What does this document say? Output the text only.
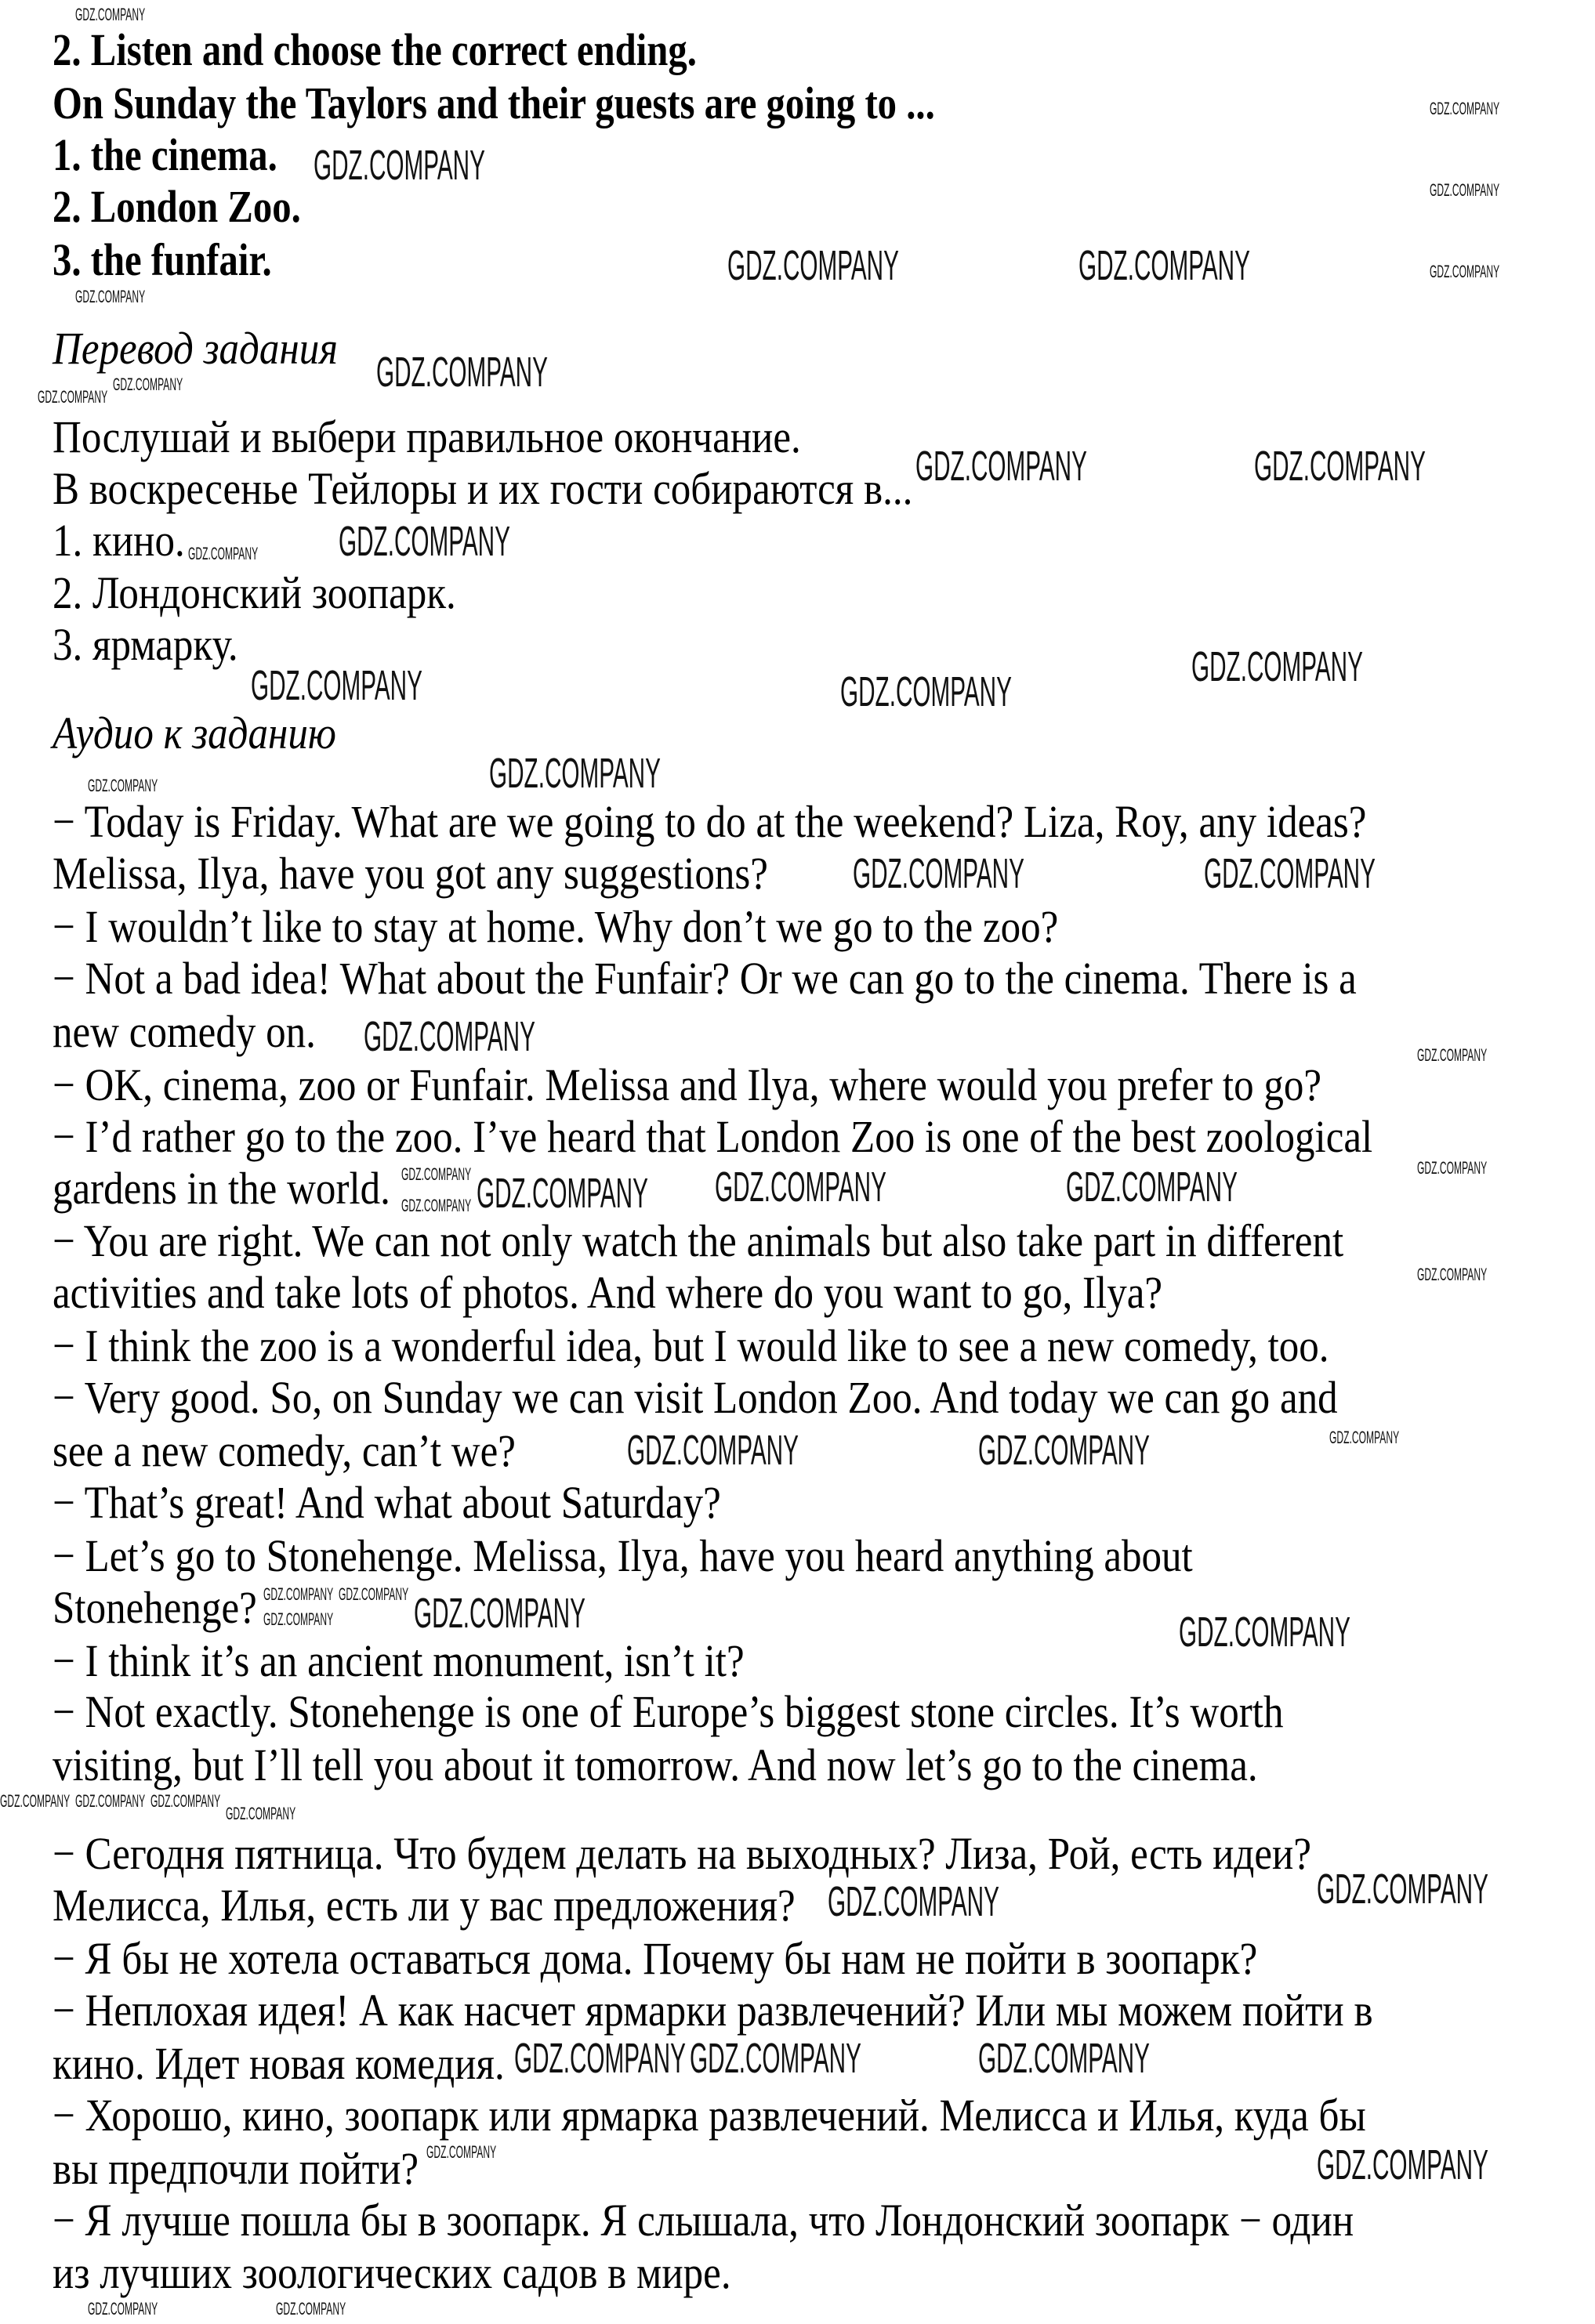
2. Listen and choose the correct ending.
On Sunday the Taylors and their guests are going to ...
1. the cinema.
2. London Zoo.
3. the funfair.
Перевод задания
Послушай и выбери правильное окончание.
В воскресенье Тейлоры и их гости собираются в...
1. кино.
2. Лондонский зоопарк.
3. ярмарку.
Аудио к заданию
− Today is Friday. What are we going to do at the weekend? Liza, Roy, any ideas?
Melissa, Ilya, have you got any suggestions?
− I wouldn’t like to stay at home. Why don’t we go to the zoo?
− Not a bad idea! What about the Funfair? Or we can go to the cinema. There is a
new comedy on.
− OK, cinema, zoo or Funfair. Melissa and Ilya, where would you prefer to go?
− I’d rather go to the zoo. I’ve heard that London Zoo is one of the best zoological
gardens in the world.
− You are right. We can not only watch the animals but also take part in different
activities and take lots of photos. And where do you want to go, Ilya?
− I think the zoo is a wonderful idea, but I would like to see a new comedy, too.
− Very good. So, on Sunday we can visit London Zoo. And today we can go and
see a new comedy, can’t we?
− That’s great! And what about Saturday?
− Let’s go to Stonehenge. Melissa, Ilya, have you heard anything about
Stonehenge?
− I think it’s an ancient monument, isn’t it?
− Not exactly. Stonehenge is one of Europe’s biggest stone circles. It’s worth
visiting, but I’ll tell you about it tomorrow. And now let’s go to the cinema.
− Сегодня пятница. Что будем делать на выходных? Лиза, Рой, есть идеи?
Мелисса, Илья, есть ли у вас предложения?
− Я бы не хотела оставаться дома. Почему бы нам не пойти в зоопарк?
− Неплохая идея! А как насчет ярмарки развлечений? Или мы можем пойти в
кино. Идет новая комедия.
− Хорошо, кино, зоопарк или ярмарка развлечений. Мелисса и Илья, куда бы
вы предпочли пойти?
− Я лучше пошла бы в зоопарк. Я слышала, что Лондонский зоопарк − один
из лучших зоологических садов в мире.
GDZ.COMPANY
GDZ.COMPANY
GDZ.COMPANY
GDZ.COMPANY
GDZ.COMPANY
GDZ.COMPANY
GDZ.COMPANY	GDZ.COMPANY
GDZ.COMPANY
GDZ.COMPANY
GDZ.COMPANY	GDZ.COMPANY
GDZ.COMPANY
GDZ.COMPANY GDZ.COMPANY
GDZ.COMPANY
GDZ.COMPANY
GDZ.COMPANY
GDZ.COMPANY
GDZ.COMPANY
GDZ.COMPANY
GDZ.COMPANY
GDZ.COMPANY
GDZ.COMPANY
GDZ.COMPANY	GDZ.COMPANY	GDZ.COMPANY
GDZ.COMPANY
GDZ.COMPANY
GDZ.COMPANY
GDZ.COMPANY
GDZ.COMPANY
GDZ.COMPANY
GDZ.COMPANY	GDZ.COMPANY	GDZ.COMPANY
GDZ.COMPANY
GDZ.COMPANY GDZ.COMPANY
GDZ.COMPANY	GDZ.COMPANY
GDZ.COMPANY
GDZ.COMPANY
GDZ.COMPANY	GDZ.COMPANY
GDZ.COMPANY
GDZ.COMPANY
GDZ.COMPANY	GDZ.COMPANY
GDZ.COMPANY
GDZ.COMPANY
GDZ.COMPANY
